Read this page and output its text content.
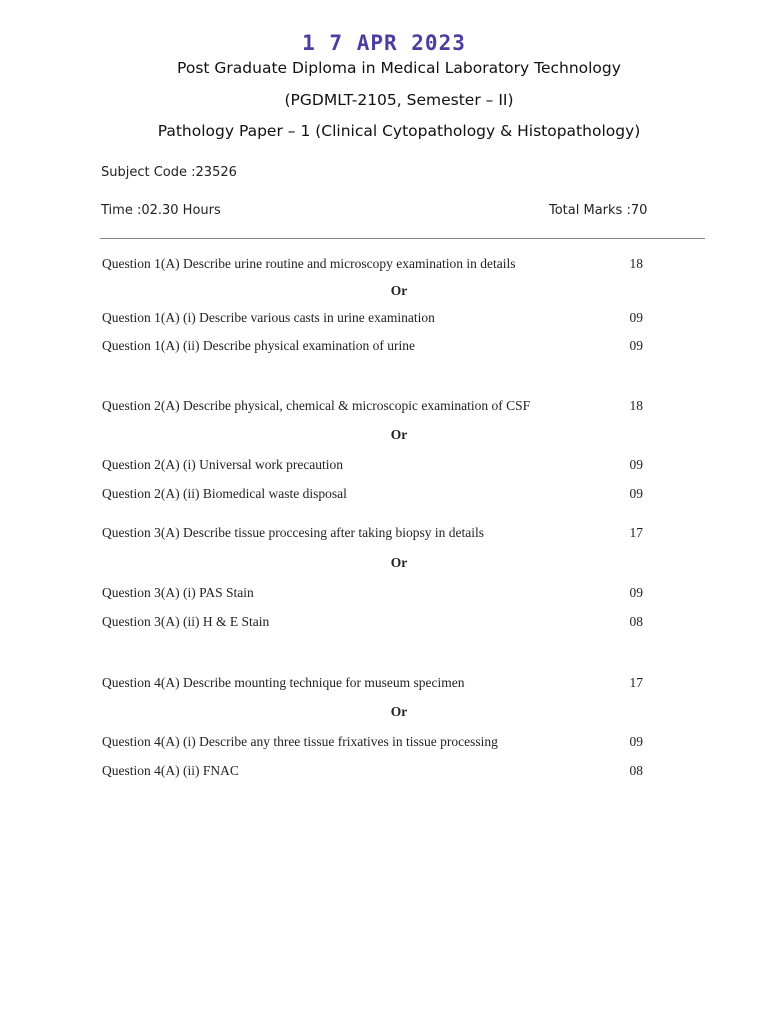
1 7 APR 2023
Post Graduate Diploma in Medical Laboratory Technology
(PGDMLT-2105, Semester – II)
Pathology Paper – 1 (Clinical Cytopathology & Histopathology)
Subject Code :23526
Time :02.30 Hours	Total Marks :70
Question 1(A) Describe urine routine and microscopy examination in details	18
Or
Question 1(A) (i) Describe various casts in urine examination	09
Question 1(A) (ii) Describe physical examination of urine	09
Question 2(A) Describe physical, chemical & microscopic examination of CSF	18
Or
Question 2(A) (i) Universal work precaution	09
Question 2(A) (ii) Biomedical waste disposal	09
Question 3(A) Describe tissue proccesing after taking biopsy in details	17
Or
Question 3(A) (i) PAS Stain	09
Question 3(A) (ii) H & E Stain	08
Question 4(A) Describe mounting technique for museum specimen	17
Or
Question 4(A) (i) Describe any three tissue frixatives in tissue processing	09
Question 4(A) (ii) FNAC	08
